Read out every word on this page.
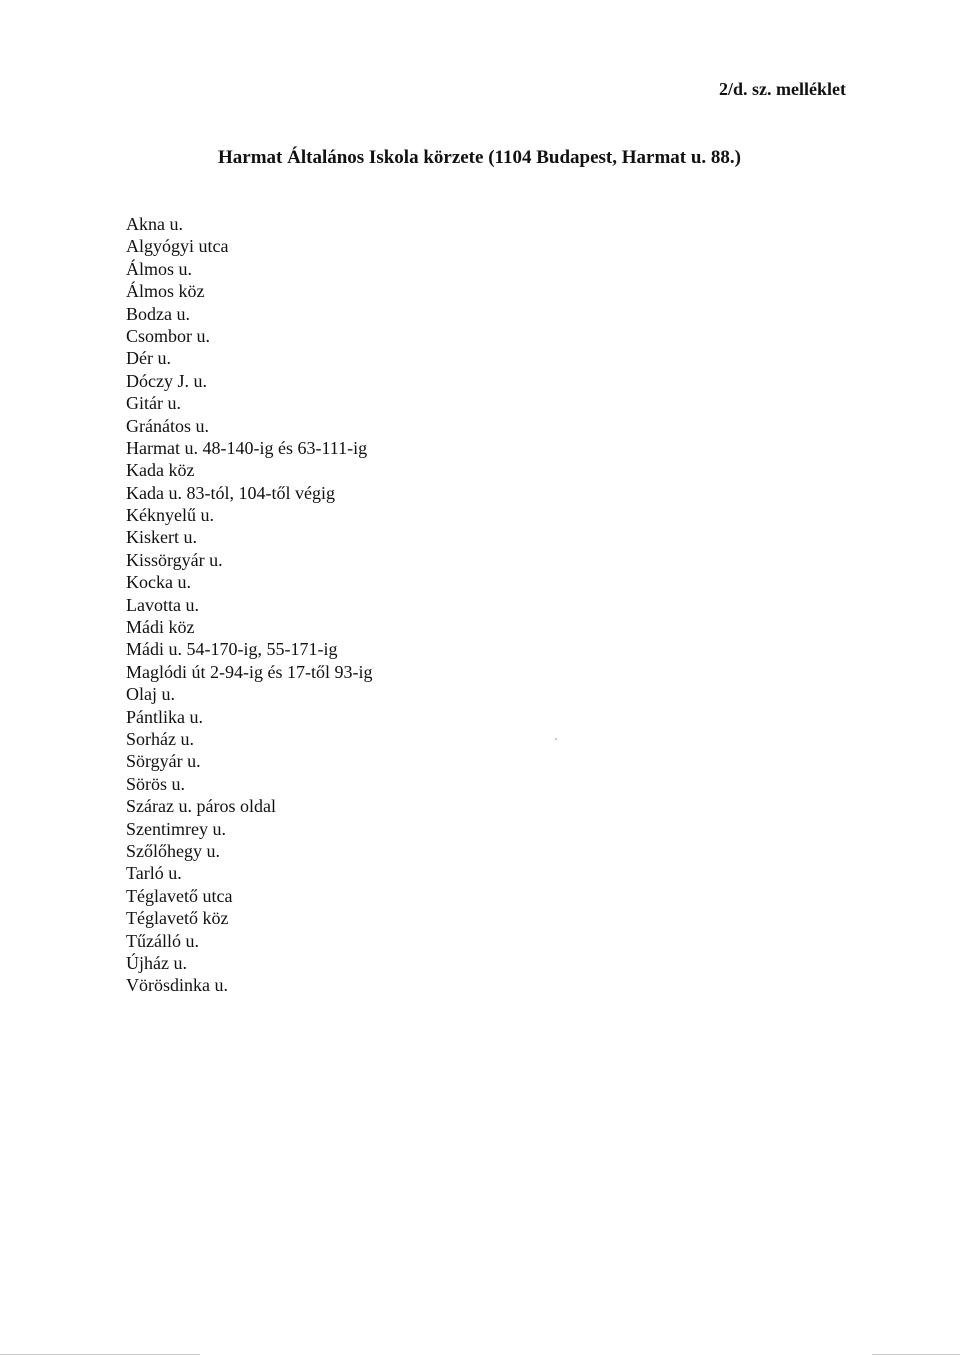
2/d. sz. melléklet
Harmat Általános Iskola körzete (1104 Budapest, Harmat u. 88.)
Akna u.
Algyógyi utca
Álmos u.
Álmos köz
Bodza u.
Csombor u.
Dér u.
Dóczy J. u.
Gitár u.
Gránátos u.
Harmat u. 48-140-ig és 63-111-ig
Kada köz
Kada u. 83-tól, 104-től végig
Kéknyelű u.
Kiskert u.
Kissörgyár u.
Kocka u.
Lavotta u.
Mádi köz
Mádi u. 54-170-ig, 55-171-ig
Maglódi út 2-94-ig és 17-től 93-ig
Olaj u.
Pántlika u.
Sorház u.
Sörgyár u.
Sörös u.
Száraz u. páros oldal
Szentimrey u.
Szőlőhegy u.
Tarló u.
Téglavető utca
Téglavető köz
Tűzálló u.
Újház u.
Vörösdinka u.
